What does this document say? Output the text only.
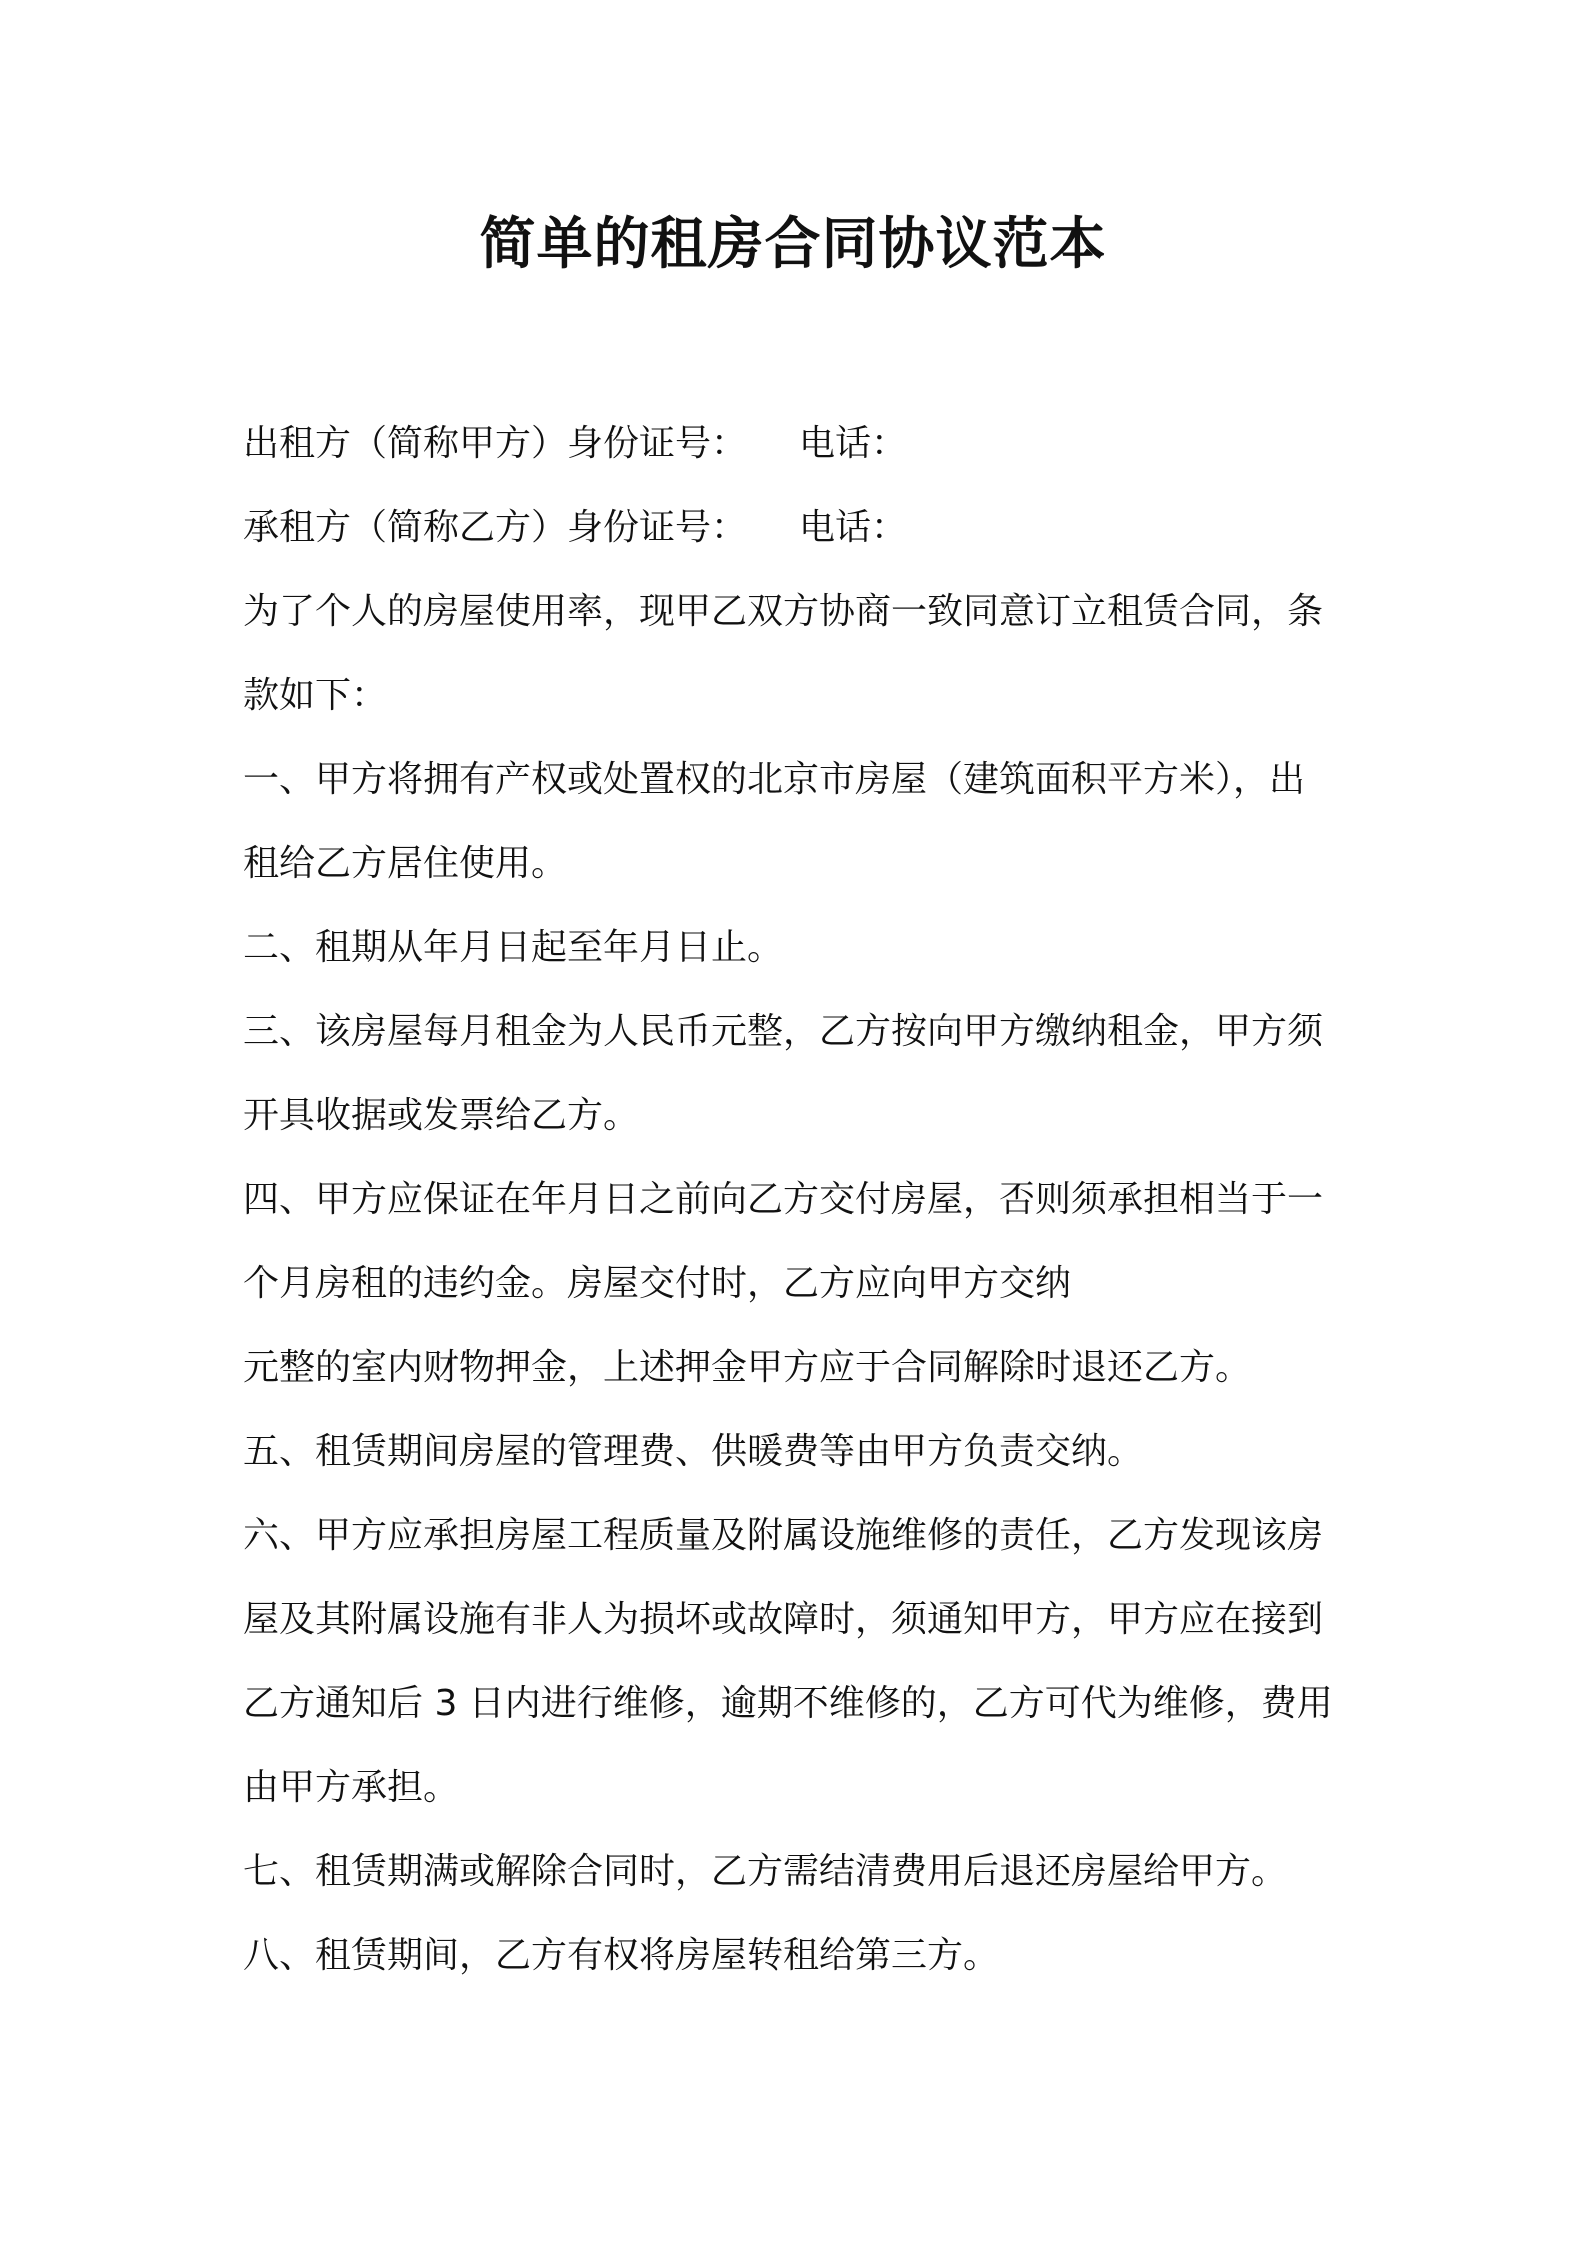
简单的租房合同协议范本

出租方（简称甲方）身份证号： 电话：

承租方（简称乙方）身份证号： 电话：

为了个人的房屋使用率，现甲乙双方协商一致同意订立租赁合同，条
款如下：

一、甲方将拥有产权或处置权的北京市房屋（建筑面积平方米），出
租给乙方居住使用。

二、租期从年月日起至年月日止。

三、该房屋每月租金为人民币元整，乙方按向甲方缴纳租金，甲方须
开具收据或发票给乙方。

四、甲方应保证在年月日之前向乙方交付房屋，否则须承担相当于一
个月房租的违约金。房屋交付时，乙方应向甲方交纳
元整的室内财物押金，上述押金甲方应于合同解除时退还乙方。

五、租赁期间房屋的管理费、供暖费等由甲方负责交纳。

六、甲方应承担房屋工程质量及附属设施维修的责任，乙方发现该房
屋及其附属设施有非人为损坏或故障时，须通知甲方，甲方应在接到
乙方通知后 3 日内进行维修，逾期不维修的，乙方可代为维修，费用
由甲方承担。

七、租赁期满或解除合同时，乙方需结清费用后退还房屋给甲方。

八、租赁期间，乙方有权将房屋转租给第三方。
